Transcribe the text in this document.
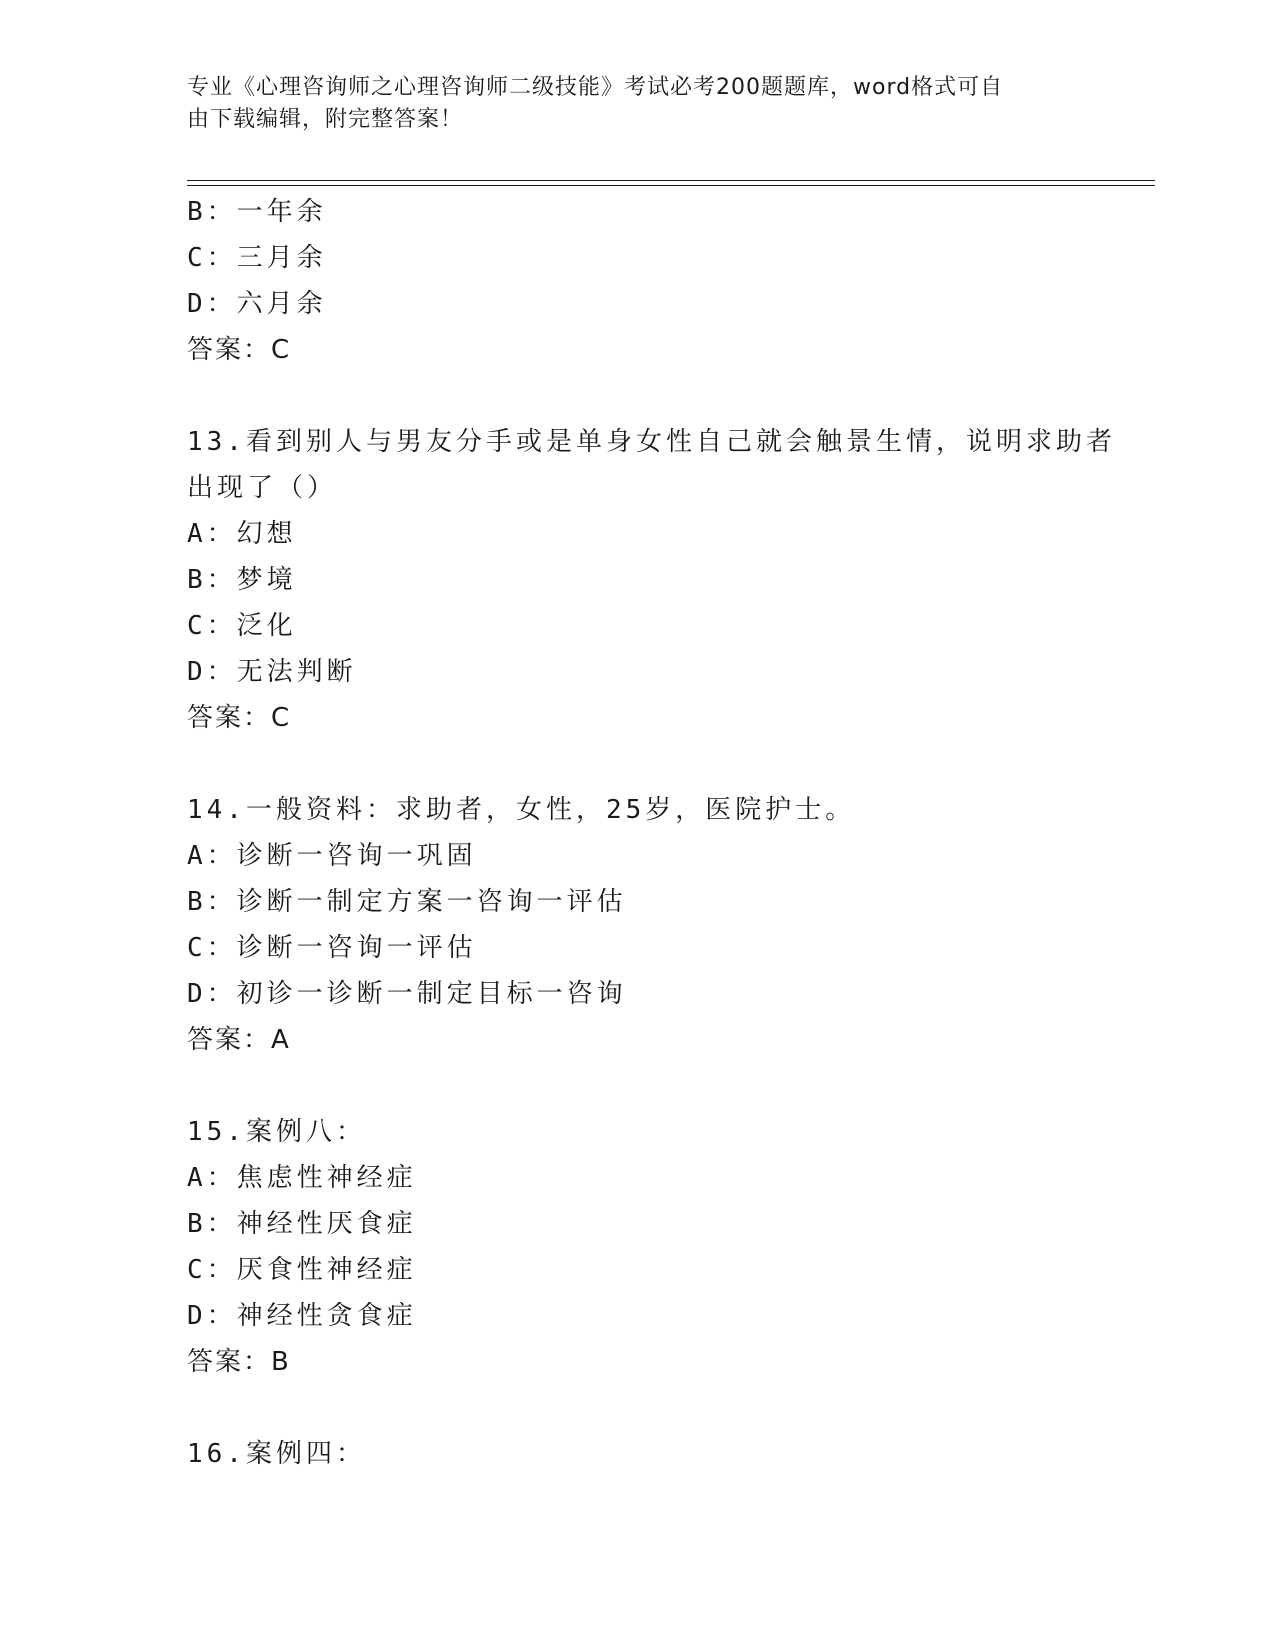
专业《心理咨询师之心理咨询师二级技能》考试必考200题题库，word格式可自
由下载编辑，附完整答案！
B：一年余
C：三月余
D：六月余
答案：C
13.看到别人与男友分手或是单身女性自己就会触景生情，说明求助者
出现了（）
A：幻想
B：梦境
C：泛化
D：无法判断
答案：C
14.一般资料：求助者，女性，25岁，医院护士。
A：诊断一咨询一巩固
B：诊断一制定方案一咨询一评估
C：诊断一咨询一评估
D：初诊一诊断一制定目标一咨询
答案：A
15.案例八：
A：焦虑性神经症
B：神经性厌食症
C：厌食性神经症
D：神经性贪食症
答案：B
16.案例四：
